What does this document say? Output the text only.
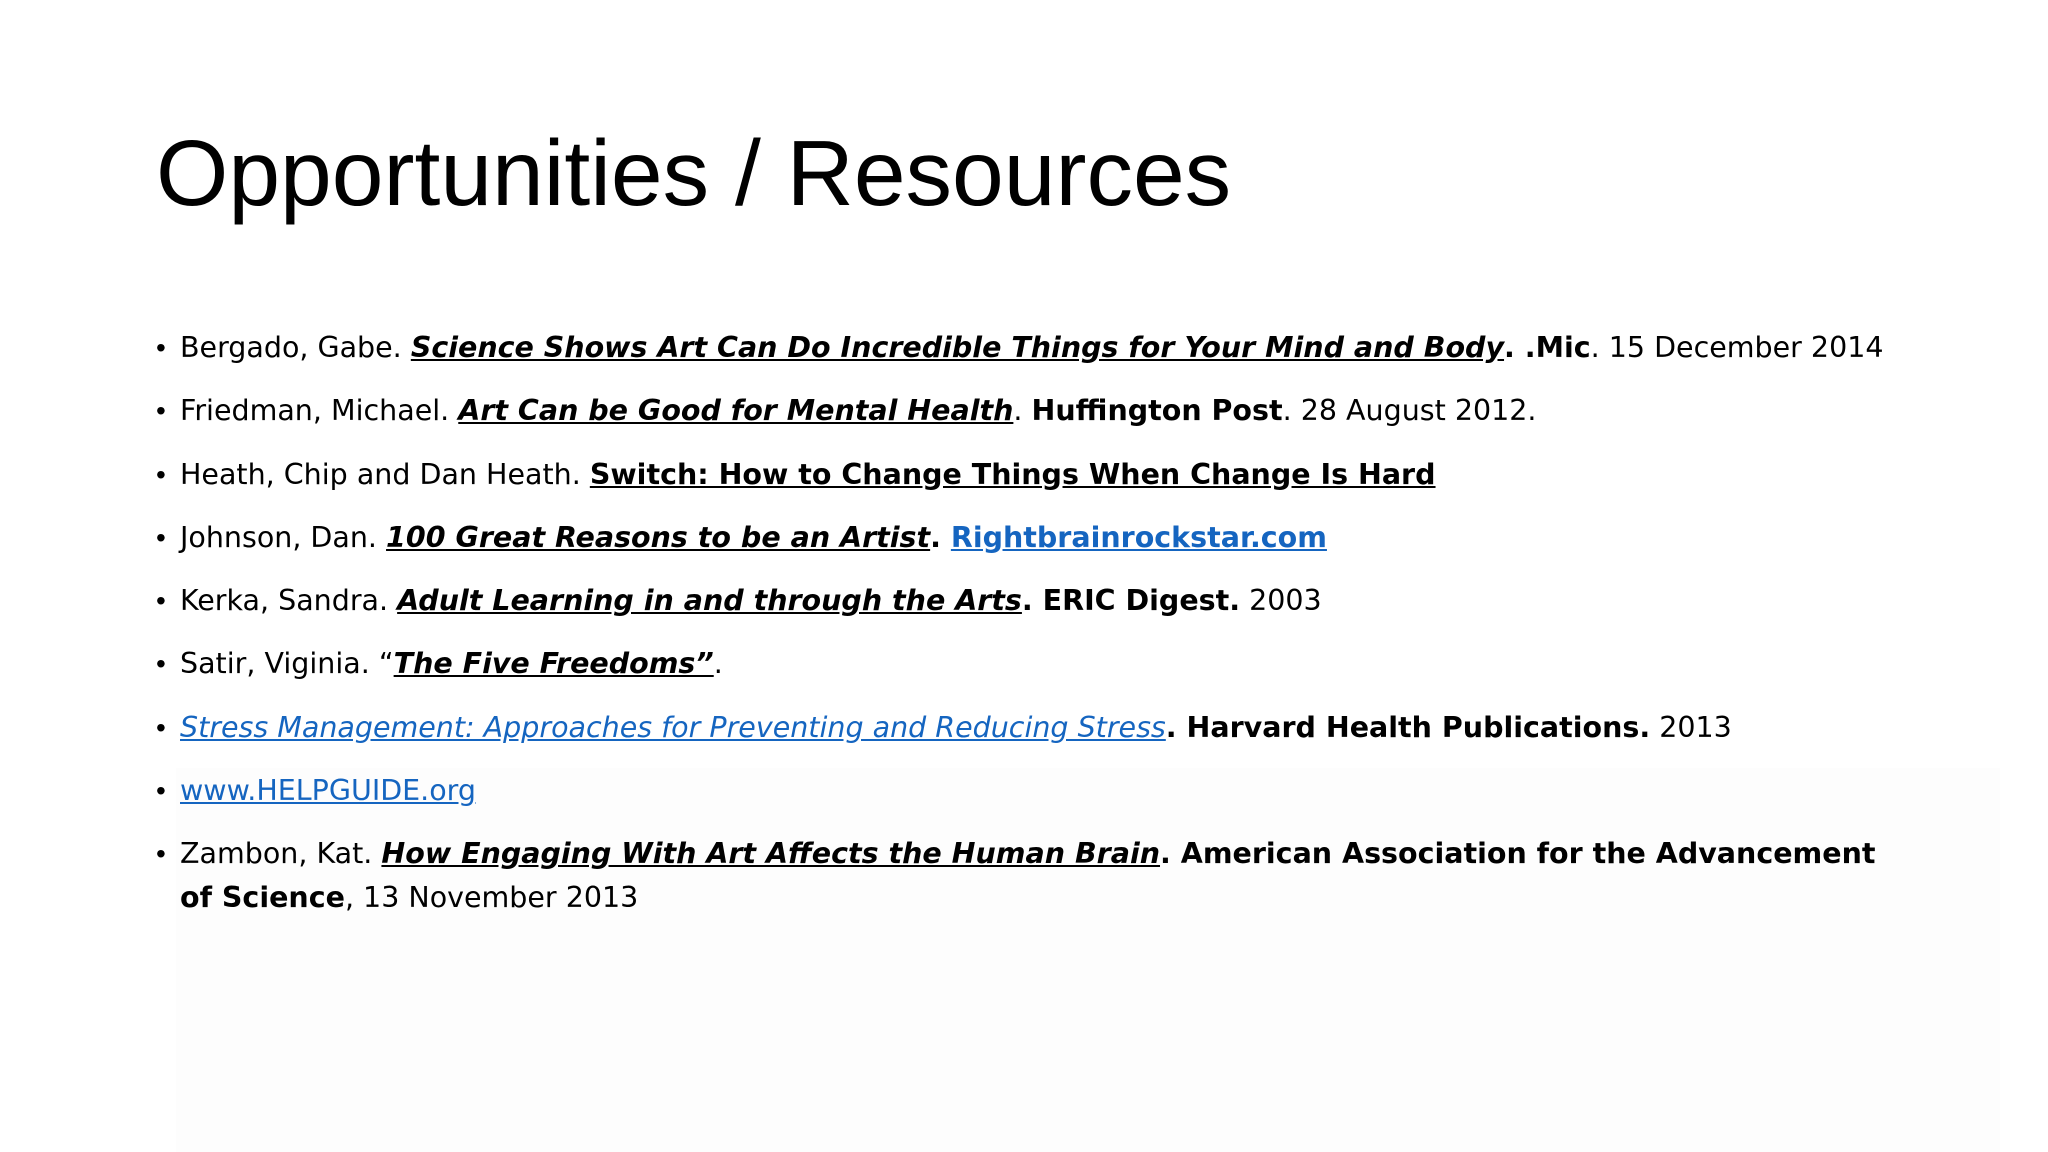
Opportunities / Resources
• Bergado, Gabe. Science Shows Art Can Do Incredible Things for Your Mind and Body. .Mic. 15 December 2014
• Friedman, Michael. Art Can be Good for Mental Health. Huffington Post. 28 August 2012.
• Heath, Chip and Dan Heath. Switch: How to Change Things When Change Is Hard
• Johnson, Dan. 100 Great Reasons to be an Artist. Rightbrainrockstar.com
• Kerka, Sandra. Adult Learning in and through the Arts. ERIC Digest. 2003
• Satir, Viginia. “The Five Freedoms”.
• Stress Management: Approaches for Preventing and Reducing Stress. Harvard Health Publications. 2013
• www.HELPGUIDE.org
• Zambon, Kat. How Engaging With Art Affects the Human Brain. American Association for the Advancement of Science, 13 November 2013
